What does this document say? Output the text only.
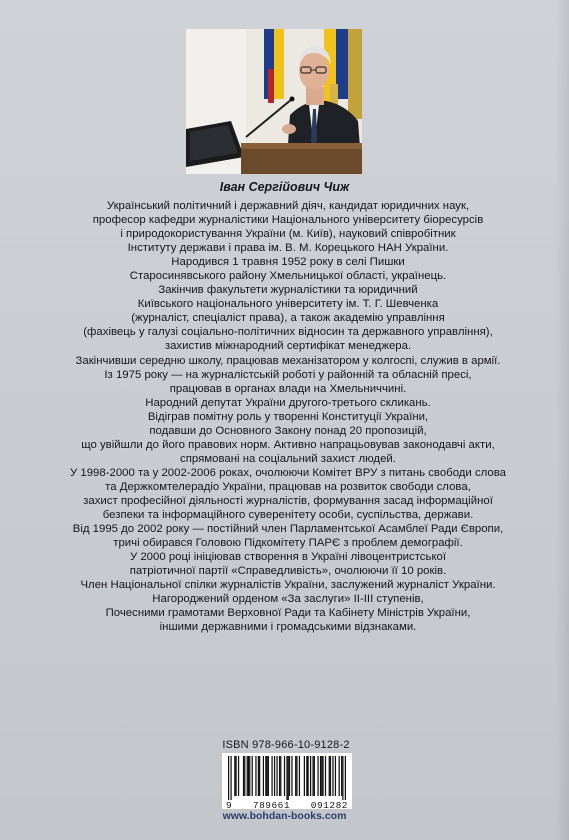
Іван Сергійович Чиж

Український політичний і державний діяч, кандидат юридичних наук,

професор кафедри журналістики Національного університету біоресурсів

і природокористування України (м. Київ), науковий співробітник

Інституту держави і права ім. В. М. Корецького НАН України.

Народився 1 травня 1952 року в селі Пишки

Старосинявського району Хмельницької області, українець.

Закінчив факультети журналістики та юридичний

Київського національного університету ім. Т. Г. Шевченка

(журналіст, спеціаліст права), а також академію управління

(фахівець у галузі соціально-політичних відносин та державного управління),

захистив міжнародний сертифікат менеджера.

Закінчивши середню школу, працював механізатором у колгоспі, служив в армії.

Із 1975 року — на журналістській роботі у районній та обласній пресі,

працював в органах влади на Хмельниччині.

Народний депутат України другого-третього скликань.

Відіграв помітну роль у творенні Конституції України,

подавши до Основного Закону понад 20 пропозицій,

що увійшли до його правових норм. Активно напрацьовував законодавчі акти,

спрямовані на соціальний захист людей.

У 1998-2000 та у 2002-2006 роках, очолюючи Комітет ВРУ з питань свободи слова

та Держкомтелерадіо України, працював на розвиток свободи слова,

захист професійної діяльності журналістів, формування засад інформаційної

безпеки та інформаційного суверенітету особи, суспільства, держави.

Від 1995 до 2002 року — постійний член Парламентської Асамблеї Ради Європи,

тричі обирався Головою Підкомітету ПАРЄ з проблем демографії.

У 2000 році ініціював створення в Україні лівоцентристської

патріотичної партії «Справедливість», очолюючи її 10 років.

Член Національної спілки журналістів України, заслужений журналіст України.

Нагороджений орденом «За заслуги» ІІ-ІІІ ступенів,

Почесними грамотами Верховної Ради та Кабінету Міністрів України,

іншими державними і громадськими відзнаками.

ISBN 978-966-10-9128-2
9 789661 091282
www.bohdan-books.com
